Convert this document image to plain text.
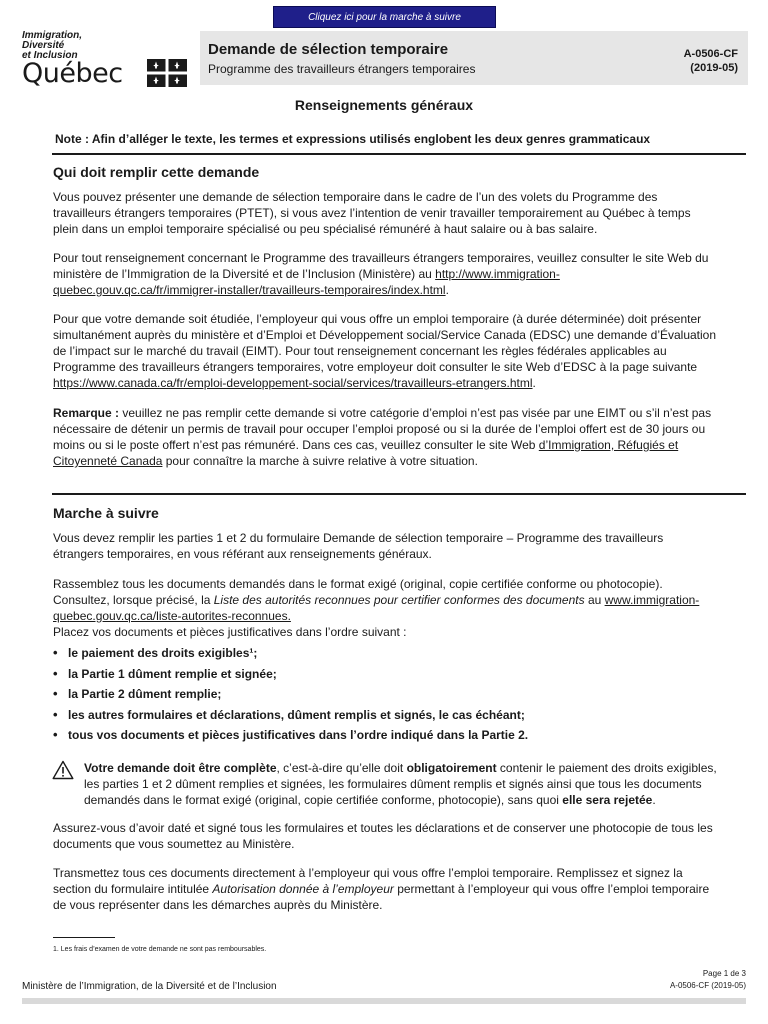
Cliquez ici pour la marche à suivre
Immigration,
Diversité
et Inclusion
Québec
Demande de sélection temporaire
Programme des travailleurs étrangers temporaires
A-0506-CF
(2019-05)
Renseignements généraux
Note : Afin d’alléger le texte, les termes et expressions utilisés englobent les deux genres grammaticaux
Qui doit remplir cette demande
Vous pouvez présenter une demande de sélection temporaire dans le cadre de l’un des volets du Programme des travailleurs étrangers temporaires (PTET), si vous avez l’intention de venir travailler temporairement au Québec à temps plein dans un emploi temporaire spécialisé ou peu spécialisé rémunéré à haut salaire ou à bas salaire.
Pour tout renseignement concernant le Programme des travailleurs étrangers temporaires, veuillez consulter le site Web du ministère de l’Immigration de la Diversité et de l’Inclusion (Ministère) au http://www.immigration-quebec.gouv.qc.ca/fr/immigrer-installer/travailleurs-temporaires/index.html.
Pour que votre demande soit étudiée, l’employeur qui vous offre un emploi temporaire (à durée déterminée) doit présenter simultanément auprès du ministère et d’Emploi et Développement social/Service Canada (EDSC) une demande d’Évaluation de l’impact sur le marché du travail (EIMT). Pour tout renseignement concernant les règles fédérales applicables au Programme des travailleurs étrangers temporaires, votre employeur doit consulter le site Web d’EDSC à la page suivante https://www.canada.ca/fr/emploi-developpement-social/services/travailleurs-etrangers.html.
Remarque : veuillez ne pas remplir cette demande si votre catégorie d’emploi n’est pas visée par une EIMT ou s’il n’est pas nécessaire de détenir un permis de travail pour occuper l’emploi proposé ou si la durée de l’emploi offert est de 30 jours ou moins ou si le poste offert n’est pas rémunéré. Dans ces cas, veuillez consulter le site Web d’Immigration, Réfugiés et Citoyenneté Canada pour connaître la marche à suivre relative à votre situation.
Marche à suivre
Vous devez remplir les parties 1 et 2 du formulaire Demande de sélection temporaire – Programme des travailleurs étrangers temporaires, en vous référant aux renseignements généraux.
Rassemblez tous les documents demandés dans le format exigé (original, copie certifiée conforme ou photocopie). Consultez, lorsque précisé, la Liste des autorités reconnues pour certifier conformes des documents au www.immigration-quebec.gouv.qc.ca/liste-autorites-reconnues.
Placez vos documents et pièces justificatives dans l’ordre suivant :
• le paiement des droits exigibles¹;
• la Partie 1 dûment remplie et signée;
• la Partie 2 dûment remplie;
• les autres formulaires et déclarations, dûment remplis et signés, le cas échéant;
• tous vos documents et pièces justificatives dans l’ordre indiqué dans la Partie 2.
Votre demande doit être complète, c’est-à-dire qu’elle doit obligatoirement contenir le paiement des droits exigibles, les parties 1 et 2 dûment remplies et signées, les formulaires dûment remplis et signés ainsi que tous les documents demandés dans le format exigé (original, copie certifiée conforme, photocopie), sans quoi elle sera rejetée.
Assurez-vous d’avoir daté et signé tous les formulaires et toutes les déclarations et de conserver une photocopie de tous les documents que vous soumettez au Ministère.
Transmettez tous ces documents directement à l’employeur qui vous offre l’emploi temporaire. Remplissez et signez la section du formulaire intitulée Autorisation donnée à l’employeur permettant à l’employeur qui vous offre l’emploi temporaire de vous représenter dans les démarches auprès du Ministère.
1. Les frais d’examen de votre demande ne sont pas remboursables.
Ministère de l’Immigration, de la Diversité et de l’Inclusion
Page 1 de 3
A-0506-CF (2019-05)
